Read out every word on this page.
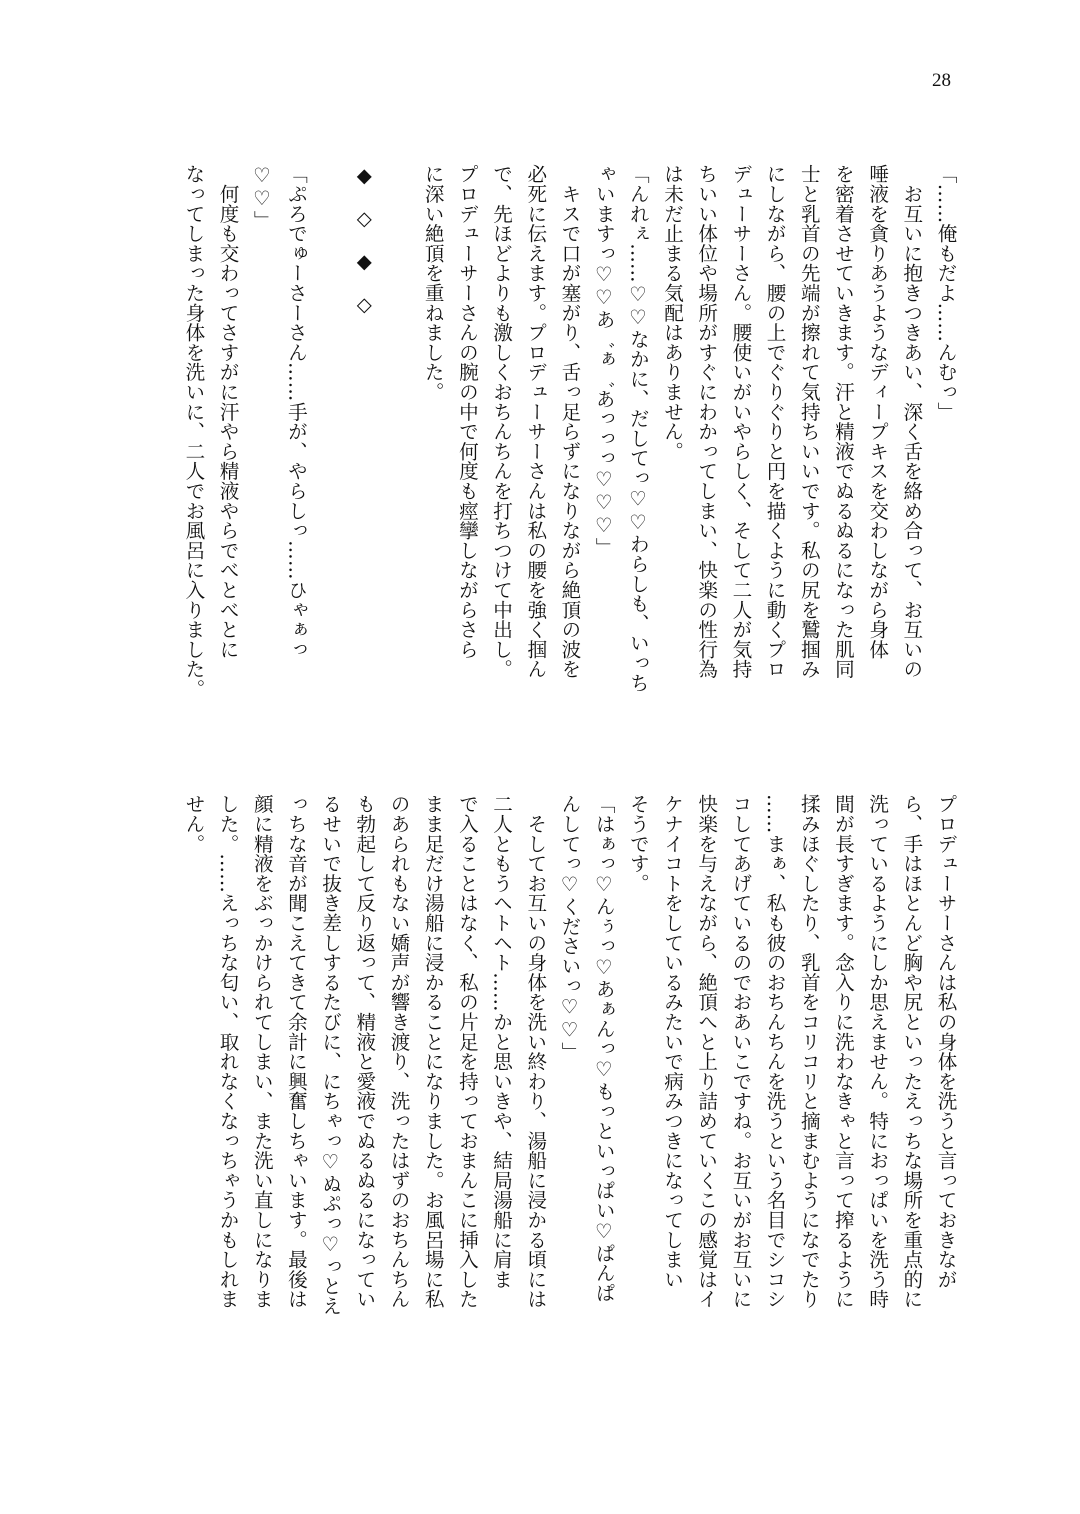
28
「……俺もだよ……んむっ」
　お互いに抱きつきあい、深く舌を絡め合って、お互いの
唾液を貪りあうようなディープキスを交わしながら身体
を密着させていきます。汗と精液でぬるぬるになった肌同
士と乳首の先端が擦れて気持ちいいです。私の尻を鷲掴み
にしながら、腰の上でぐりぐりと円を描くように動くプロ
デューサーさん。腰使いがいやらしく、そして二人が気持
ちいい体位や場所がすぐにわかってしまい、快楽の性行為
は未だ止まる気配はありません。
「んれぇ……♡♡なかに、だしてっ♡♡わらしも、いっち
ゃいますっ♡♡あ゛ぁ゛あっっっ♡♡♡」
　キスで口が塞がり、舌っ足らずになりながら絶頂の波を
必死に伝えます。プロデューサーさんは私の腰を強く掴ん
で、先ほどよりも激しくおちんちんを打ちつけて中出し。
プロデューサーさんの腕の中で何度も痙攣しながらさら
に深い絶頂を重ねました。
◆　◇　◆　◇
「ぷろでゅーさーさん……手が、やらしっ……ひゃぁっ
♡♡」
　何度も交わってさすがに汗やら精液やらでべとべとに
なってしまった身体を洗いに、二人でお風呂に入りました。
プロデューサーさんは私の身体を洗うと言っておきなが
ら、手はほとんど胸や尻といったえっちな場所を重点的に
洗っているようにしか思えません。特におっぱいを洗う時
間が長すぎます。念入りに洗わなきゃと言って搾るように
揉みほぐしたり、乳首をコリコリと摘まむようになでたり
……まぁ、私も彼のおちんちんを洗うという名目でシコシ
コしてあげているのでおあいこですね。お互いがお互いに
快楽を与えながら、絶頂へと上り詰めていくこの感覚はイ
ケナイコトをしているみたいで病みつきになってしまい
そうです。
「はぁっ♡んぅっ♡あぁんっ♡もっといっぱい♡ぱんぱ
んしてっ♡くださいっ♡♡」
　そしてお互いの身体を洗い終わり、湯船に浸かる頃には
二人ともうヘトヘト……かと思いきや、結局湯船に肩ま
で入ることはなく、私の片足を持っておまんこに挿入した
まま足だけ湯船に浸かることになりました。お風呂場に私
のあられもない嬌声が響き渡り、洗ったはずのおちんちん
も勃起して反り返って、精液と愛液でぬるぬるになってい
るせいで抜き差しするたびに、にちゃっ♡ぬぷっ♡っとえ
っちな音が聞こえてきて余計に興奮しちゃいます。最後は
顔に精液をぶっかけられてしまい、また洗い直しになりま
した。……えっちな匂い、取れなくなっちゃうかもしれま
せん。
